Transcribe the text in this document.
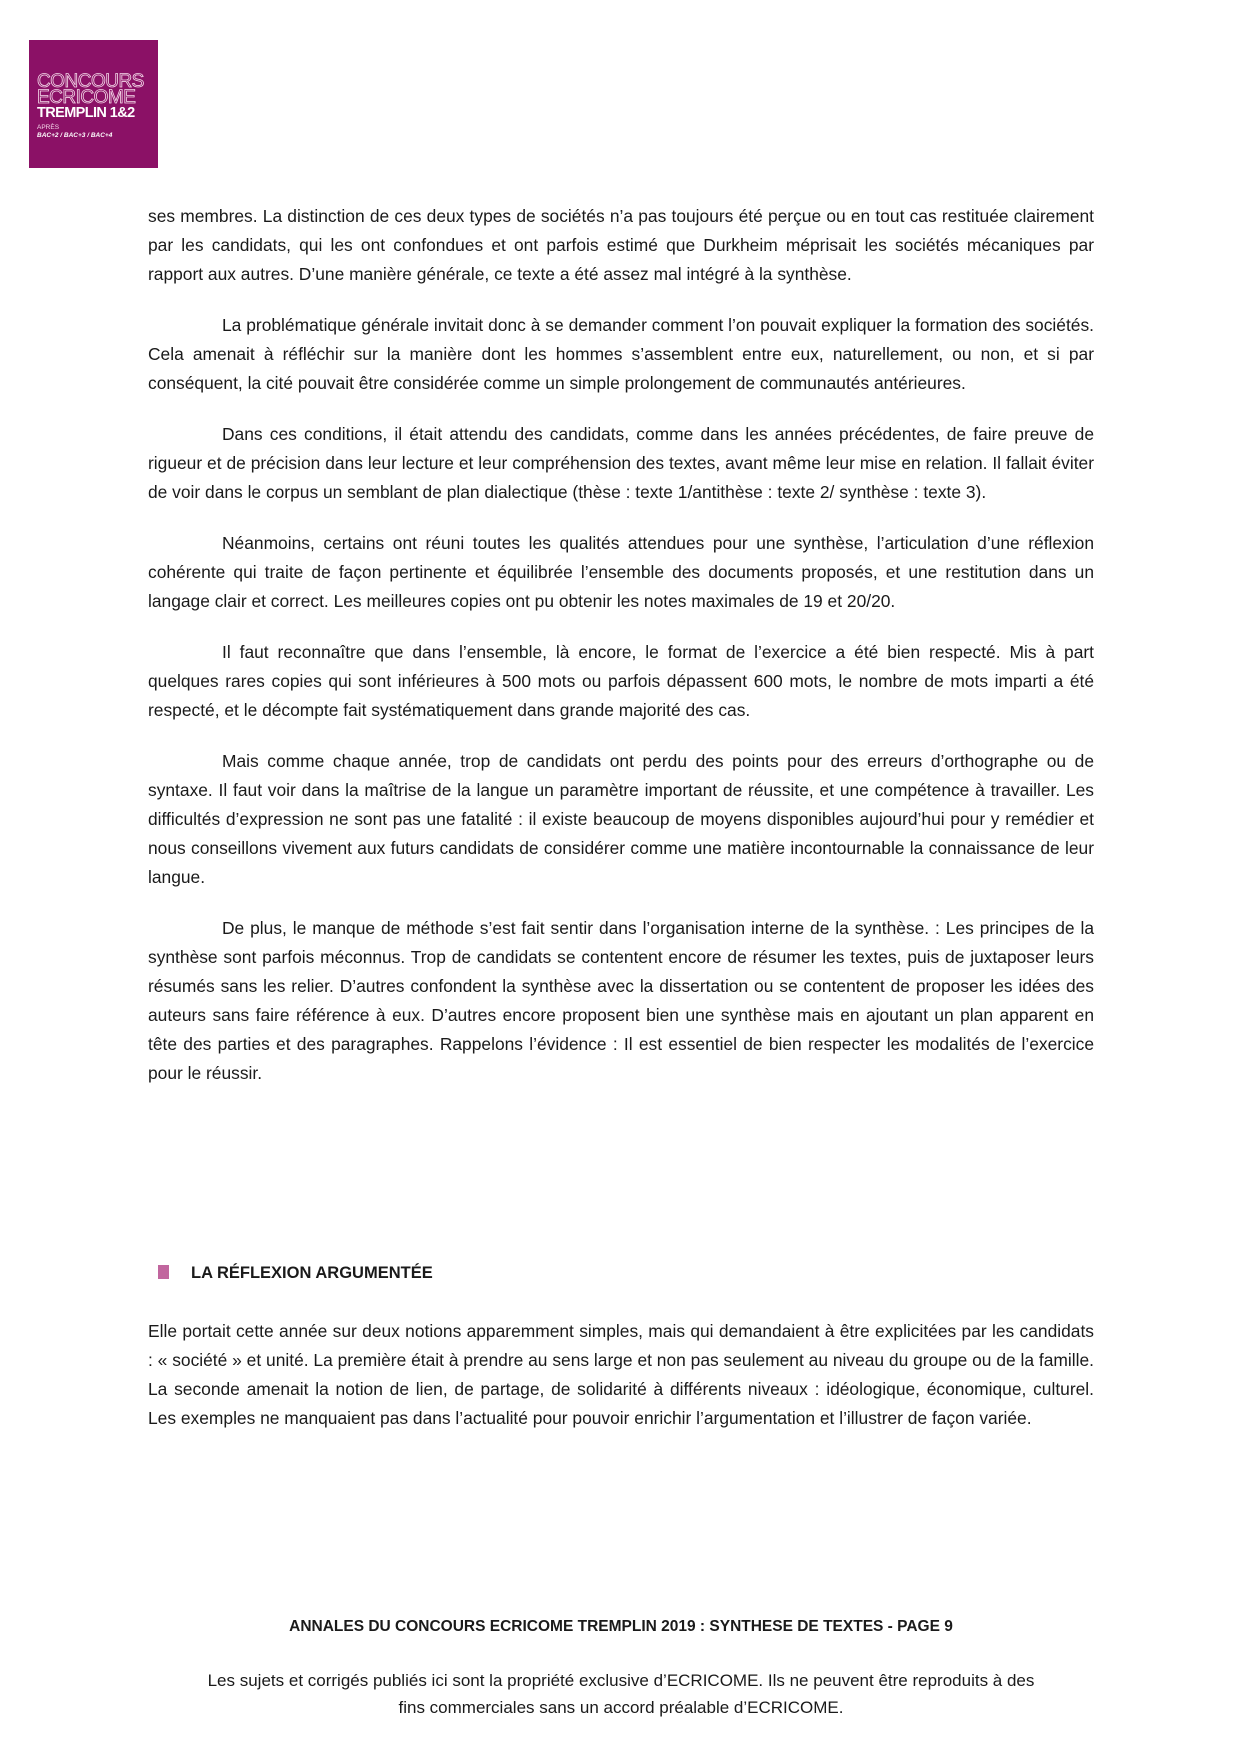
CONCOURS
ECRICOME
TREMPLIN 1&2
APRÈS
BAC+2 / BAC+3 / BAC+4

ses membres. La distinction de ces deux types de sociétés n’a pas toujours été perçue ou en tout cas restituée clairement par les candidats, qui les ont confondues et ont parfois estimé que Durkheim méprisait les sociétés mécaniques par rapport aux autres. D’une manière générale, ce texte a été assez mal intégré à la synthèse.

La problématique générale invitait donc à se demander comment l’on pouvait expliquer la formation des sociétés. Cela amenait à réfléchir sur la manière dont les hommes s’assemblent entre eux, naturellement, ou non, et si par conséquent, la cité pouvait être considérée comme un simple prolongement de communautés antérieures.

Dans ces conditions, il était attendu des candidats, comme dans les années précédentes, de faire preuve de rigueur et de précision dans leur lecture et leur compréhension des textes, avant même leur mise en relation. Il fallait éviter de voir dans le corpus un semblant de plan dialectique (thèse : texte 1/antithèse : texte 2/ synthèse : texte 3).

Néanmoins, certains ont réuni toutes les qualités attendues pour une synthèse, l’articulation d’une réflexion cohérente qui traite de façon pertinente et équilibrée l’ensemble des documents proposés, et une restitution dans un langage clair et correct. Les meilleures copies ont pu obtenir les notes maximales de 19 et 20/20.

Il faut reconnaître que dans l’ensemble, là encore, le format de l’exercice a été bien respecté. Mis à part quelques rares copies qui sont inférieures à 500 mots ou parfois dépassent 600 mots, le nombre de mots imparti a été respecté, et le décompte fait systématiquement dans grande majorité des cas.

Mais comme chaque année, trop de candidats ont perdu des points pour des erreurs d’orthographe ou de syntaxe. Il faut voir dans la maîtrise de la langue un paramètre important de réussite, et une compétence à travailler. Les difficultés d’expression ne sont pas une fatalité : il existe beaucoup de moyens disponibles aujourd’hui pour y remédier et nous conseillons vivement aux futurs candidats de considérer comme une matière incontournable la connaissance de leur langue.

De plus, le manque de méthode s’est fait sentir dans l’organisation interne de la synthèse. : Les principes de la synthèse sont parfois méconnus. Trop de candidats se contentent encore de résumer les textes, puis de juxtaposer leurs résumés sans les relier. D’autres confondent la synthèse avec la dissertation ou se contentent de proposer les idées des auteurs sans faire référence à eux. D’autres encore proposent bien une synthèse mais en ajoutant un plan apparent en tête des parties et des paragraphes. Rappelons l’évidence : Il est essentiel de bien respecter les modalités de l’exercice pour le réussir.

LA RÉFLEXION ARGUMENTÉE

Elle portait cette année sur deux notions apparemment simples, mais qui demandaient à être explicitées par les candidats : « société » et unité. La première était à prendre au sens large et non pas seulement au niveau du groupe ou de la famille. La seconde amenait la notion de lien, de partage, de solidarité à différents niveaux : idéologique, économique, culturel. Les exemples ne manquaient pas dans l’actualité pour pouvoir enrichir l’argumentation et l’illustrer de façon variée.

ANNALES DU CONCOURS ECRICOME TREMPLIN 2019 : SYNTHESE DE TEXTES - PAGE 9
Les sujets et corrigés publiés ici sont la propriété exclusive d’ECRICOME. Ils ne peuvent être reproduits à des
fins commerciales sans un accord préalable d’ECRICOME.
